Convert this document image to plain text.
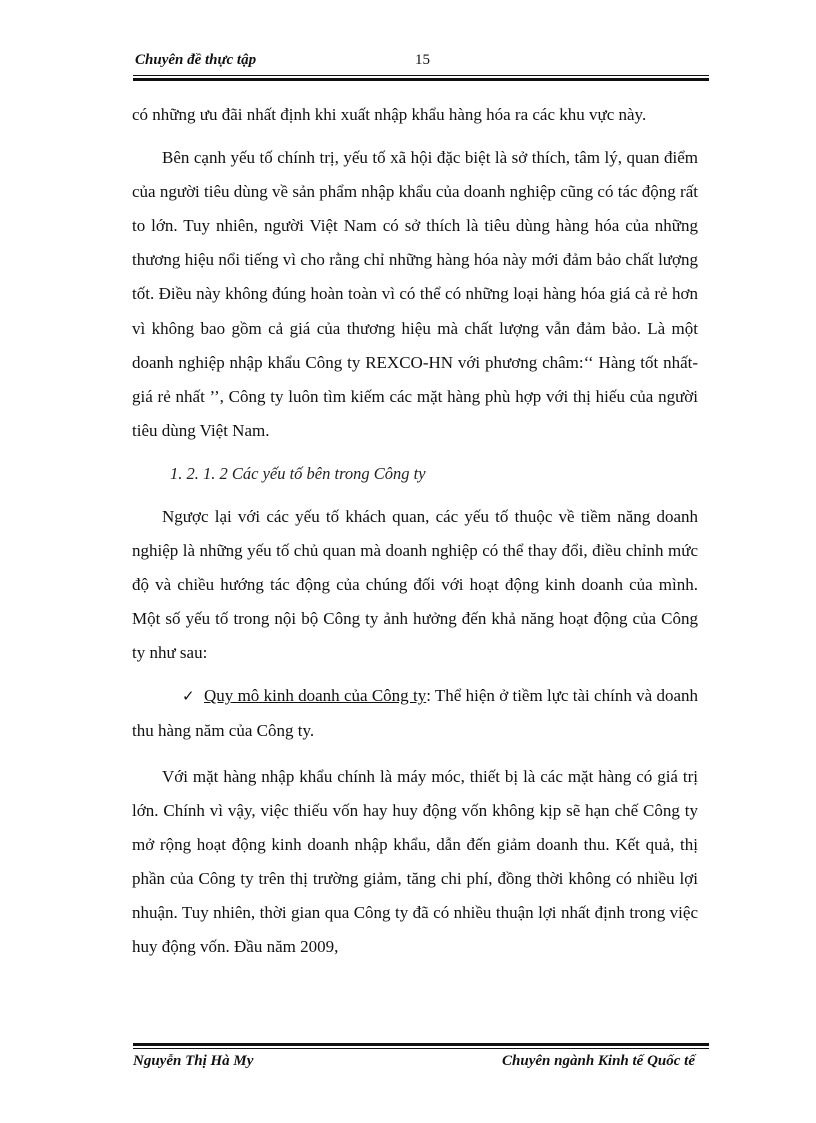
Chuyên đề thực tập	15

có những ưu đãi nhất định khi xuất nhập khẩu hàng hóa ra các khu vực này.

Bên cạnh yếu tố chính trị, yếu tố xã hội đặc biệt là sở thích, tâm lý, quan điểm của người tiêu dùng về sản phẩm nhập khẩu của doanh nghiệp cũng có tác động rất to lớn. Tuy nhiên, người Việt Nam có sở thích là tiêu dùng hàng hóa của những thương hiệu nổi tiếng vì cho rằng chỉ những hàng hóa này mới đảm bảo chất lượng tốt. Điều này không đúng hoàn toàn vì có thể có những loại hàng hóa giá cả rẻ hơn vì không bao gồm cả giá của thương hiệu mà chất lượng vẫn đảm bảo. Là một doanh nghiệp nhập khẩu Công ty REXCO-HN với phương châm:‘‘ Hàng tốt nhất- giá rẻ nhất ’’, Công ty luôn tìm kiếm các mặt hàng phù hợp với thị hiếu của người tiêu dùng Việt Nam.

1. 2. 1. 2 Các yếu tố bên trong Công ty

Ngược lại với các yếu tố khách quan, các yếu tố thuộc về tiềm năng doanh nghiệp là những yếu tố chủ quan mà doanh nghiệp có thể thay đổi, điều chỉnh mức độ và chiều hướng tác động của chúng đối với hoạt động kinh doanh của mình. Một số yếu tố trong nội bộ Công ty ảnh hưởng đến khả năng hoạt động của Công ty như sau:

✓ Quy mô kinh doanh của Công ty: Thể hiện ở tiềm lực tài chính và doanh thu hàng năm của Công ty.

Với mặt hàng nhập khẩu chính là máy móc, thiết bị là các mặt hàng có giá trị lớn. Chính vì vậy, việc thiếu vốn hay huy động vốn không kịp sẽ hạn chế Công ty mở rộng hoạt động kinh doanh nhập khẩu, dẫn đến giảm doanh thu. Kết quả, thị phần của Công ty trên thị trường giảm, tăng chi phí, đồng thời không có nhiều lợi nhuận. Tuy nhiên, thời gian qua Công ty đã có nhiều thuận lợi nhất định trong việc huy động vốn. Đầu năm 2009,

Nguyễn Thị Hà My	Chuyên ngành Kinh tế Quốc tế
